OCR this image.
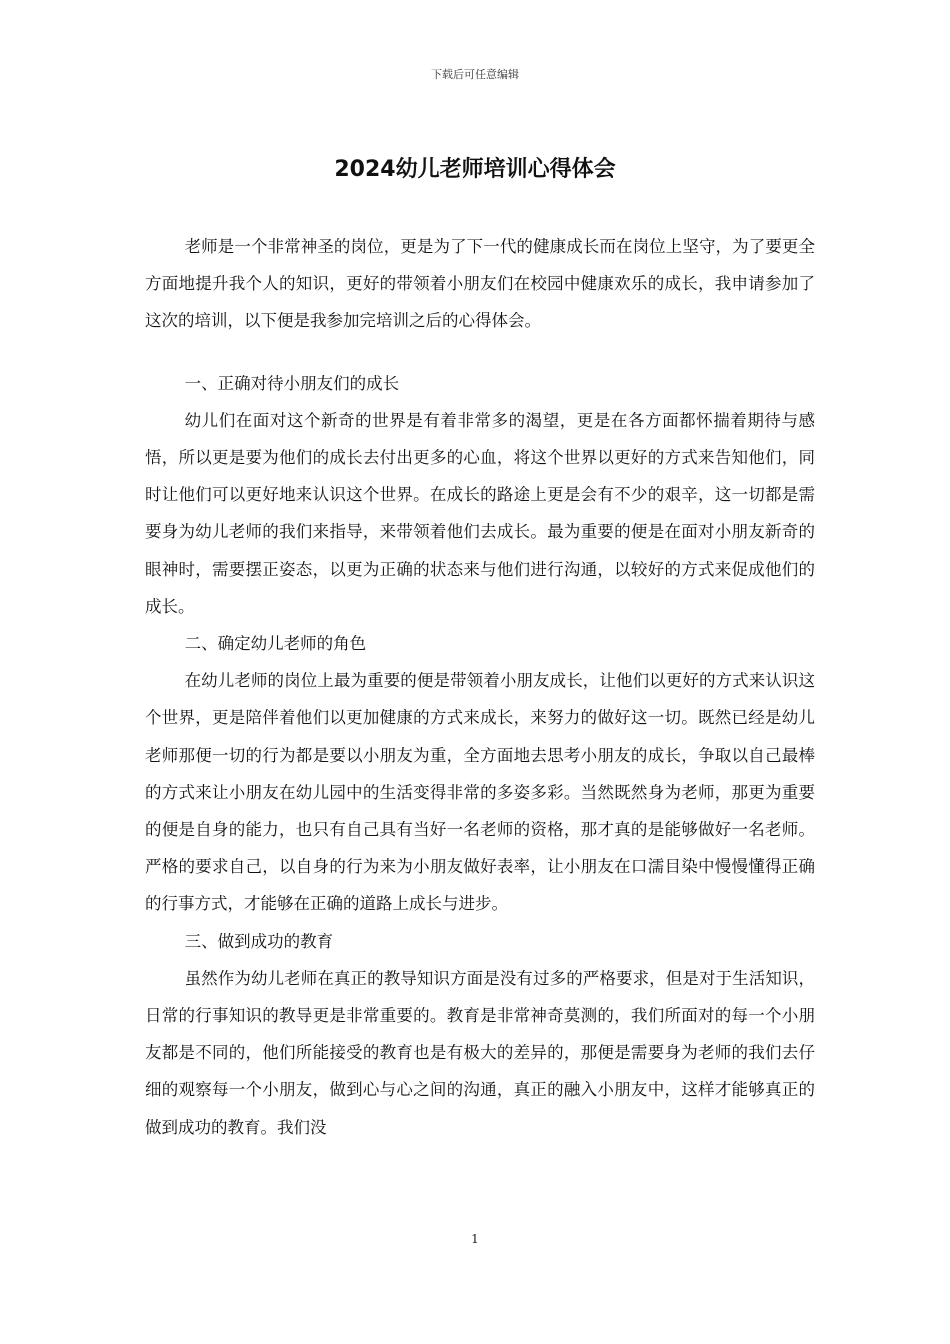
下载后可任意编辑
2024幼儿老师培训心得体会

老师是一个非常神圣的岗位，更是为了下一代的健康成长而在岗位上坚守，为了要更全方面地提升我个人的知识，更好的带领着小朋友们在校园中健康欢乐的成长，我申请参加了这次的培训，以下便是我参加完培训之后的心得体会。

一、正确对待小朋友们的成长

幼儿们在面对这个新奇的世界是有着非常多的渴望，更是在各方面都怀揣着期待与感悟，所以更是要为他们的成长去付出更多的心血，将这个世界以更好的方式来告知他们，同时让他们可以更好地来认识这个世界。在成长的路途上更是会有不少的艰辛，这一切都是需要身为幼儿老师的我们来指导，来带领着他们去成长。最为重要的便是在面对小朋友新奇的眼神时，需要摆正姿态，以更为正确的状态来与他们进行沟通，以较好的方式来促成他们的成长。

二、确定幼儿老师的角色

在幼儿老师的岗位上最为重要的便是带领着小朋友成长，让他们以更好的方式来认识这个世界，更是陪伴着他们以更加健康的方式来成长，来努力的做好这一切。既然已经是幼儿老师那便一切的行为都是要以小朋友为重，全方面地去思考小朋友的成长，争取以自己最棒的方式来让小朋友在幼儿园中的生活变得非常的多姿多彩。当然既然身为老师，那更为重要的便是自身的能力，也只有自己具有当好一名老师的资格，那才真的是能够做好一名老师。严格的要求自己，以自身的行为来为小朋友做好表率，让小朋友在口濡目染中慢慢懂得正确的行事方式，才能够在正确的道路上成长与进步。

三、做到成功的教育

虽然作为幼儿老师在真正的教导知识方面是没有过多的严格要求，但是对于生活知识，日常的行事知识的教导更是非常重要的。教育是非常神奇莫测的，我们所面对的每一个小朋友都是不同的，他们所能接受的教育也是有极大的差异的，那便是需要身为老师的我们去仔细的观察每一个小朋友，做到心与心之间的沟通，真正的融入小朋友中，这样才能够真正的做到成功的教育。我们没

1
